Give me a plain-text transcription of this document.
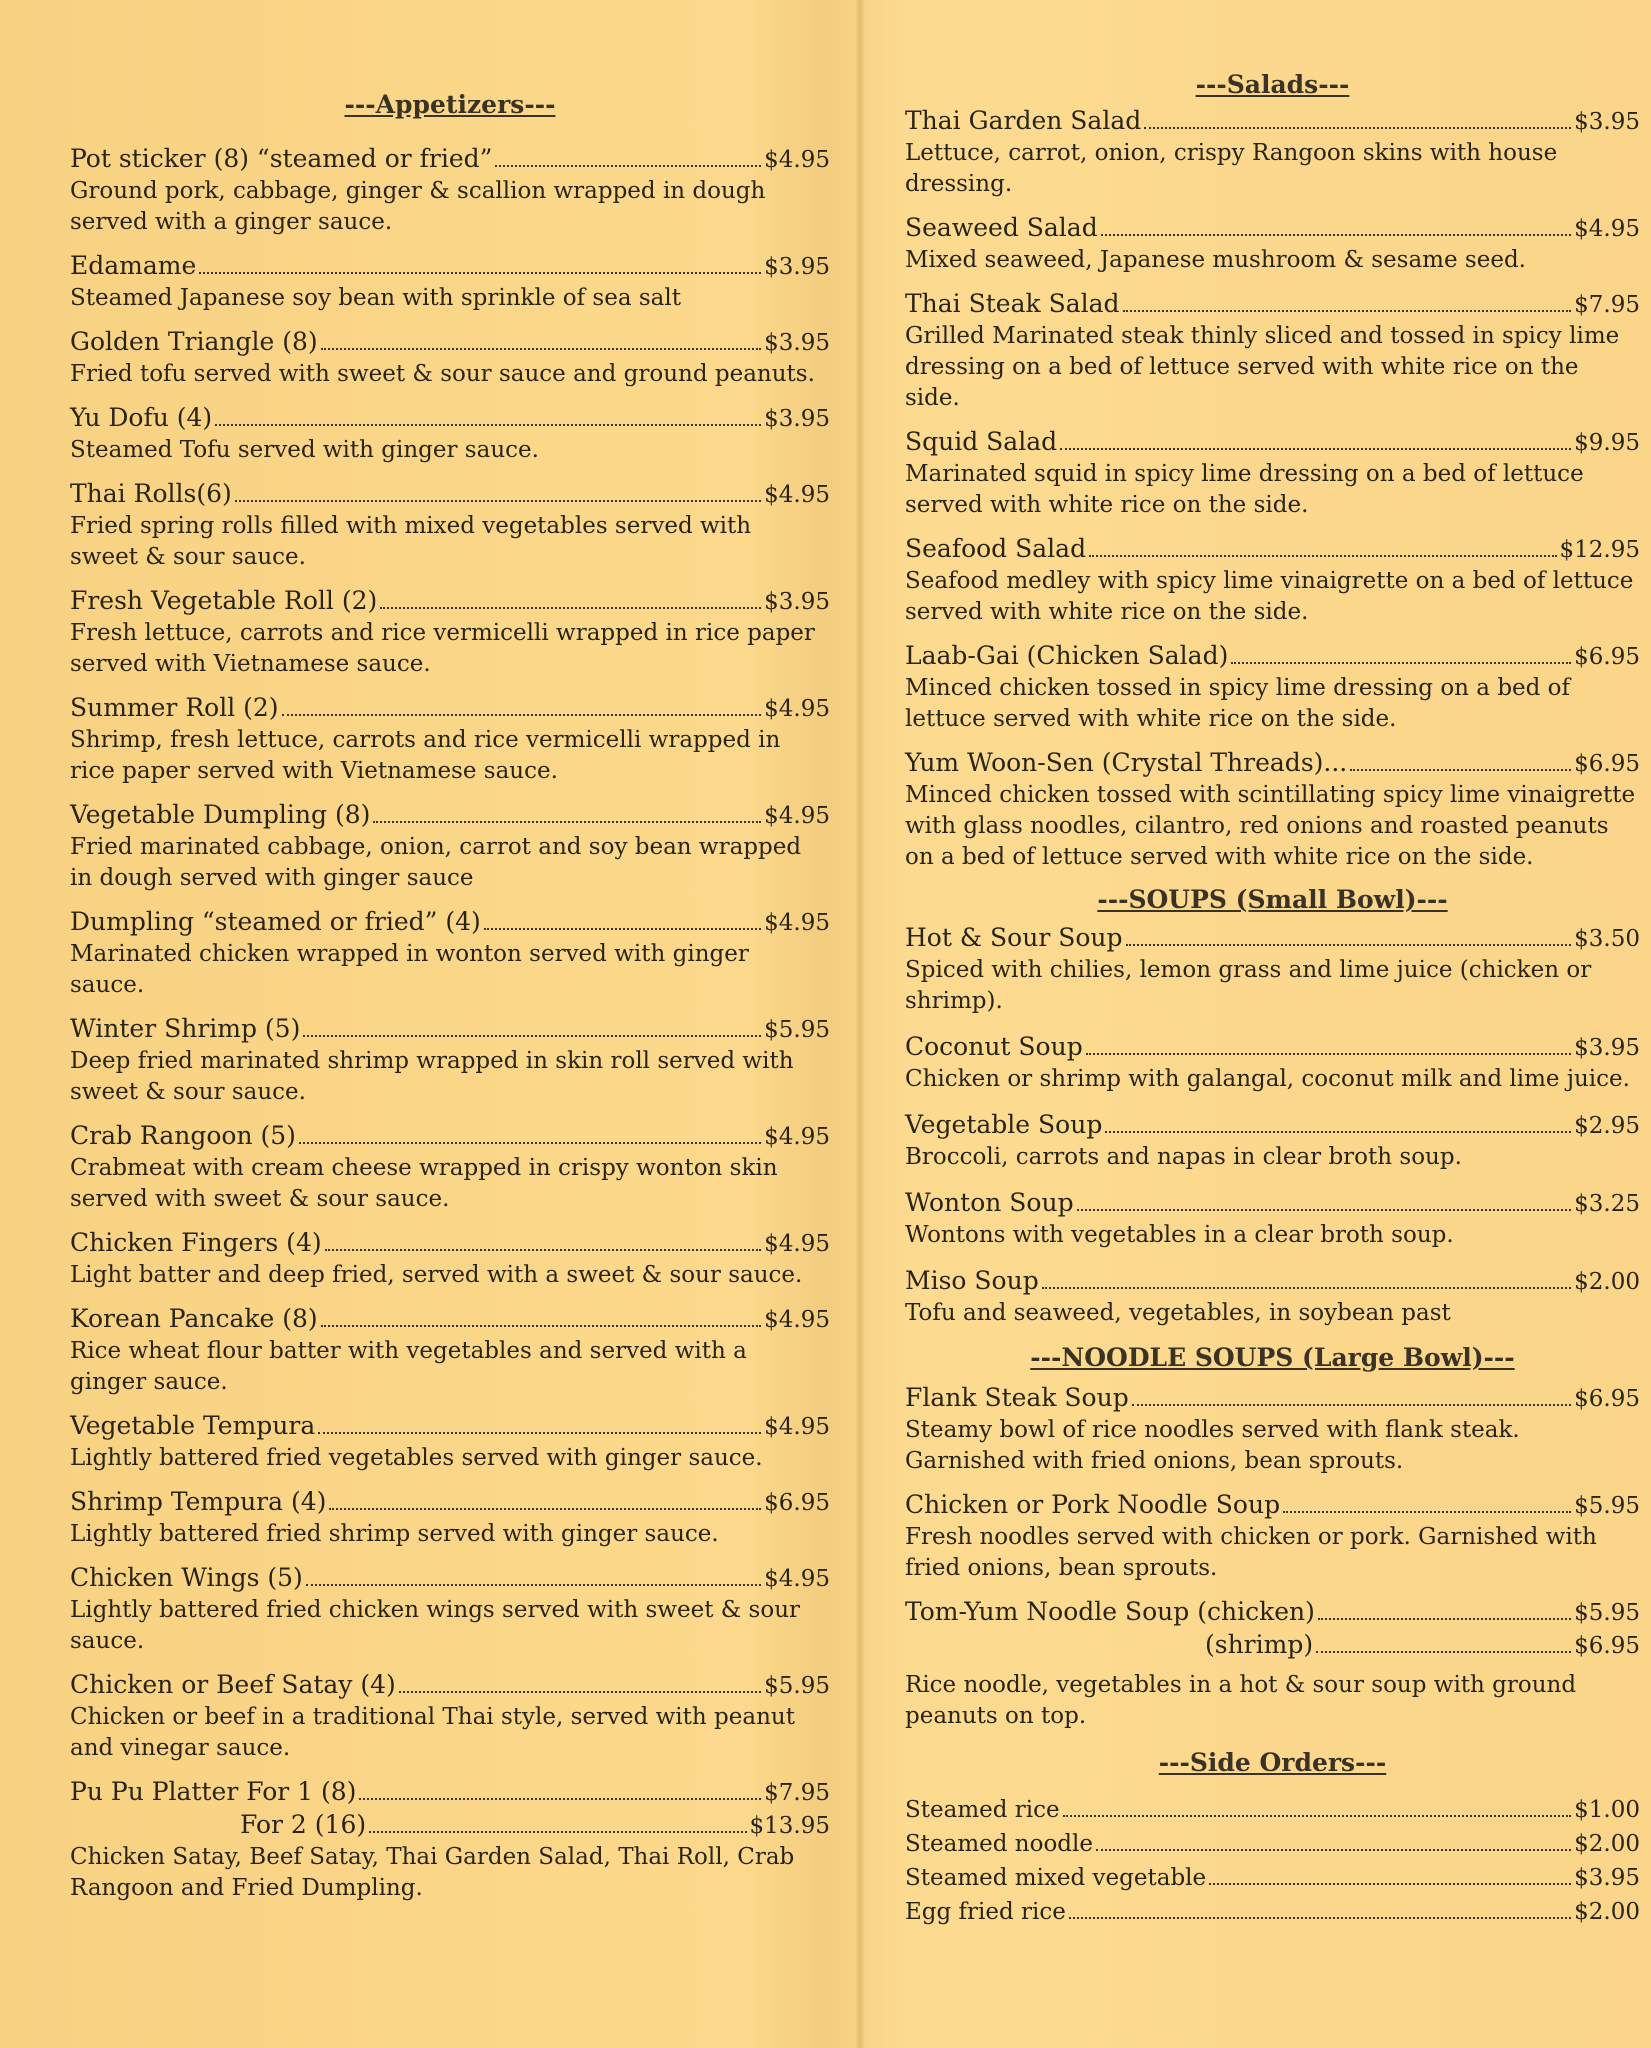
---Appetizers---
Pot sticker (8) “steamed or fried”	$4.95

Ground pork, cabbage, ginger & scallion wrapped in dough served with a ginger sauce.

Edamame	$3.95

Steamed Japanese soy bean with sprinkle of sea salt

Golden Triangle (8)	$3.95

Fried tofu served with sweet & sour sauce and ground peanuts.

Yu Dofu (4)	$3.95

Steamed Tofu served with ginger sauce.

Thai Rolls(6)	$4.95

Fried spring rolls filled with mixed vegetables served with sweet & sour sauce.

Fresh Vegetable Roll (2)	$3.95

Fresh lettuce, carrots and rice vermicelli wrapped in rice paper served with Vietnamese sauce.

Summer Roll (2)	$4.95

Shrimp, fresh lettuce, carrots and rice vermicelli wrapped in rice paper served with Vietnamese sauce.

Vegetable Dumpling (8)	$4.95

Fried marinated cabbage, onion, carrot and soy bean wrapped in dough served with ginger sauce

Dumpling “steamed or fried” (4)	$4.95

Marinated chicken wrapped in wonton served with ginger sauce.

Winter Shrimp (5)	$5.95

Deep fried marinated shrimp wrapped in skin roll served with sweet & sour sauce.

Crab Rangoon (5)	$4.95

Crabmeat with cream cheese wrapped in crispy wonton skin served with sweet & sour sauce.

Chicken Fingers (4)	$4.95

Light batter and deep fried, served with a sweet & sour sauce.

Korean Pancake (8)	$4.95

Rice wheat flour batter with vegetables and served with a ginger sauce.

Vegetable Tempura	$4.95

Lightly battered fried vegetables served with ginger sauce.

Shrimp Tempura (4)	$6.95

Lightly battered fried shrimp served with ginger sauce.

Chicken Wings (5)	$4.95

Lightly battered fried chicken wings served with sweet & sour sauce.

Chicken or Beef Satay (4)	$5.95

Chicken or beef in a traditional Thai style, served with peanut and vinegar sauce.

Pu Pu Platter For 1 (8)	$7.95
For 2 (16)	$13.95

Chicken Satay, Beef Satay, Thai Garden Salad, Thai Roll, Crab Rangoon and Fried Dumpling.

---Salads---
Thai Garden Salad	$3.95

Lettuce, carrot, onion, crispy Rangoon skins with house dressing.

Seaweed Salad	$4.95

Mixed seaweed, Japanese mushroom & sesame seed.

Thai Steak Salad	$7.95

Grilled Marinated steak thinly sliced and tossed in spicy lime dressing on a bed of lettuce served with white rice on the side.

Squid Salad	$9.95

Marinated squid in spicy lime dressing on a bed of lettuce served with white rice on the side.

Seafood Salad	$12.95

Seafood medley with spicy lime vinaigrette on a bed of lettuce served with white rice on the side.

Laab-Gai (Chicken Salad)	$6.95

Minced chicken tossed in spicy lime dressing on a bed of lettuce served with white rice on the side.

Yum Woon-Sen (Crystal Threads)...	$6.95

Minced chicken tossed with scintillating spicy lime vinaigrette with glass noodles, cilantro, red onions and roasted peanuts on a bed of lettuce served with white rice on the side.

---SOUPS (Small Bowl)---
Hot & Sour Soup	$3.50

Spiced with chilies, lemon grass and lime juice (chicken or shrimp).

Coconut Soup	$3.95

Chicken or shrimp with galangal, coconut milk and lime juice.

Vegetable Soup	$2.95

Broccoli, carrots and napas in clear broth soup.

Wonton Soup	$3.25

Wontons with vegetables in a clear broth soup.

Miso Soup	$2.00

Tofu and seaweed, vegetables, in soybean past

---NOODLE SOUPS (Large Bowl)---
Flank Steak Soup	$6.95

Steamy bowl of rice noodles served with flank steak. Garnished with fried onions, bean sprouts.

Chicken or Pork Noodle Soup	$5.95

Fresh noodles served with chicken or pork. Garnished with fried onions, bean sprouts.

Tom-Yum Noodle Soup (chicken)	$5.95
(shrimp)	$6.95

Rice noodle, vegetables in a hot & sour soup with ground peanuts on top.

---Side Orders---
Steamed rice	$1.00
Steamed noodle	$2.00
Steamed mixed vegetable	$3.95
Egg fried rice	$2.00
